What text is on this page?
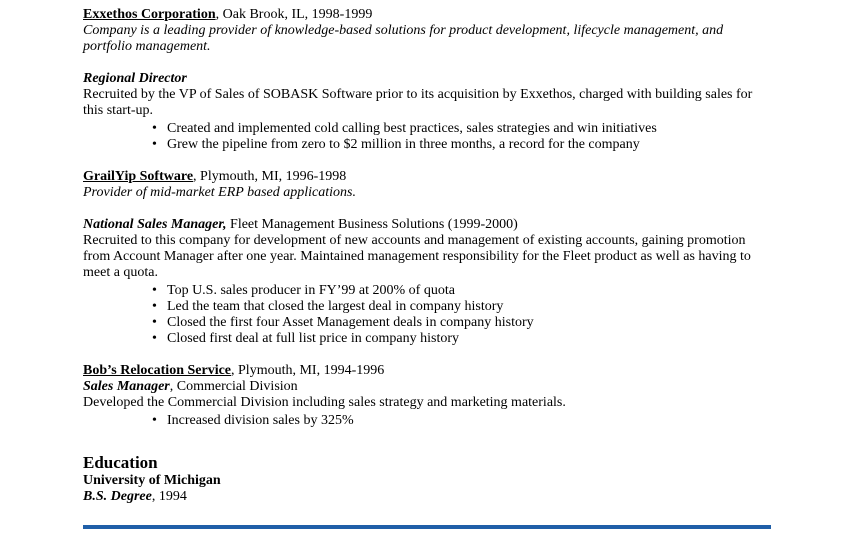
Exxethos Corporation, Oak Brook, IL, 1998-1999

Company is a leading provider of knowledge-based solutions for product development, lifecycle management, and portfolio management.

Regional Director

Recruited by the VP of Sales of SOBASK Software prior to its acquisition by Exxethos, charged with building sales for this start-up.

• Created and implemented cold calling best practices, sales strategies and win initiatives
• Grew the pipeline from zero to $2 million in three months, a record for the company

GrailYip Software, Plymouth, MI, 1996-1998

Provider of mid-market ERP based applications.

National Sales Manager, Fleet Management Business Solutions (1999-2000)

Recruited to this company for development of new accounts and management of existing accounts, gaining promotion from Account Manager after one year. Maintained management responsibility for the Fleet product as well as having to meet a quota.

• Top U.S. sales producer in FY’99 at 200% of quota
• Led the team that closed the largest deal in company history
• Closed the first four Asset Management deals in company history
• Closed first deal at full list price in company history

Bob’s Relocation Service, Plymouth, MI, 1994-1996

Sales Manager, Commercial Division

Developed the Commercial Division including sales strategy and marketing materials.

• Increased division sales by 325%

Education

University of Michigan

B.S. Degree, 1994
